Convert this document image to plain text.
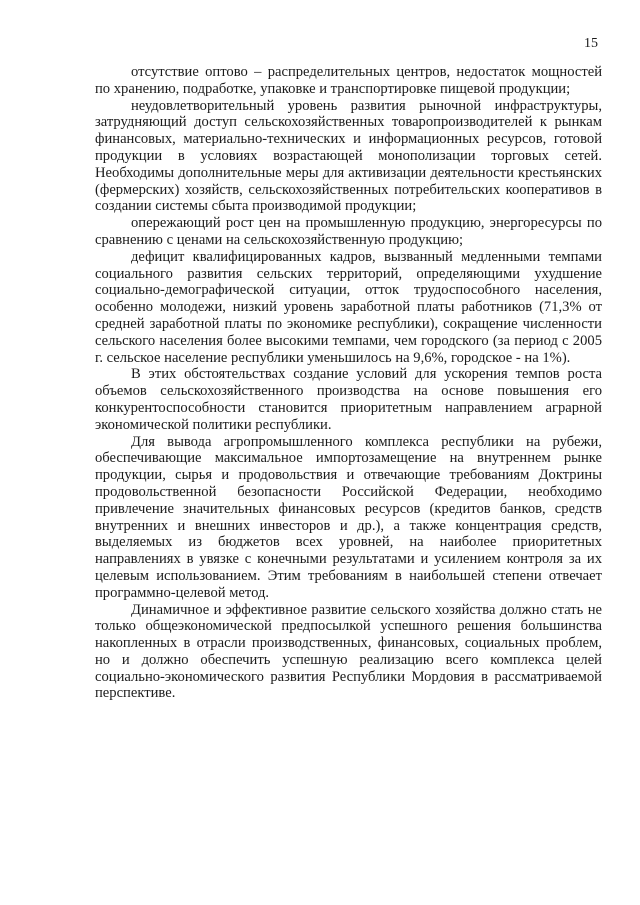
15

отсутствие оптово – распределительных центров, недостаток мощностей по хранению, подработке, упаковке и транспортировке пищевой продукции;

неудовлетворительный уровень развития рыночной инфраструктуры, затрудняющий доступ сельскохозяйственных товаропроизводителей к рынкам финансовых, материально-технических и информационных ресурсов, готовой продукции в условиях возрастающей монополизации торговых сетей. Необходимы дополнительные меры для активизации деятельности крестьянских (фермерских) хозяйств, сельскохозяйственных потребительских кооперативов в создании системы сбыта производимой продукции;

опережающий рост цен на промышленную продукцию, энергоресурсы по сравнению с ценами на сельскохозяйственную продукцию;

дефицит квалифицированных кадров, вызванный медленными темпами социального развития сельских территорий, определяющими ухудшение социально-демографической ситуации, отток трудоспособного населения, особенно молодежи, низкий уровень заработной платы работников (71,3% от средней заработной платы по экономике республики), сокращение численности сельского населения более высокими темпами, чем городского (за период с 2005 г. сельское население республики уменьшилось на 9,6%, городское - на 1%).

В этих обстоятельствах создание условий для ускорения темпов роста объемов сельскохозяйственного производства на основе повышения его конкурентоспособности становится приоритетным направлением аграрной экономической политики республики.

Для вывода агропромышленного комплекса республики на рубежи, обеспечивающие максимальное импортозамещение на внутреннем рынке продукции, сырья и продовольствия и отвечающие требованиям Доктрины продовольственной безопасности Российской Федерации, необходимо привлечение значительных финансовых ресурсов (кредитов банков, средств внутренних и внешних инвесторов и др.), а также концентрация средств, выделяемых из бюджетов всех уровней, на наиболее приоритетных направлениях в увязке с конечными результатами и усилением контроля за их целевым использованием. Этим требованиям в наибольшей степени отвечает программно-целевой метод.

Динамичное и эффективное развитие сельского хозяйства должно стать не только общеэкономической предпосылкой успешного решения большинства накопленных в отрасли производственных, финансовых, социальных проблем, но и должно обеспечить успешную реализацию всего комплекса целей социально-экономического развития Республики Мордовия в рассматриваемой перспективе.
